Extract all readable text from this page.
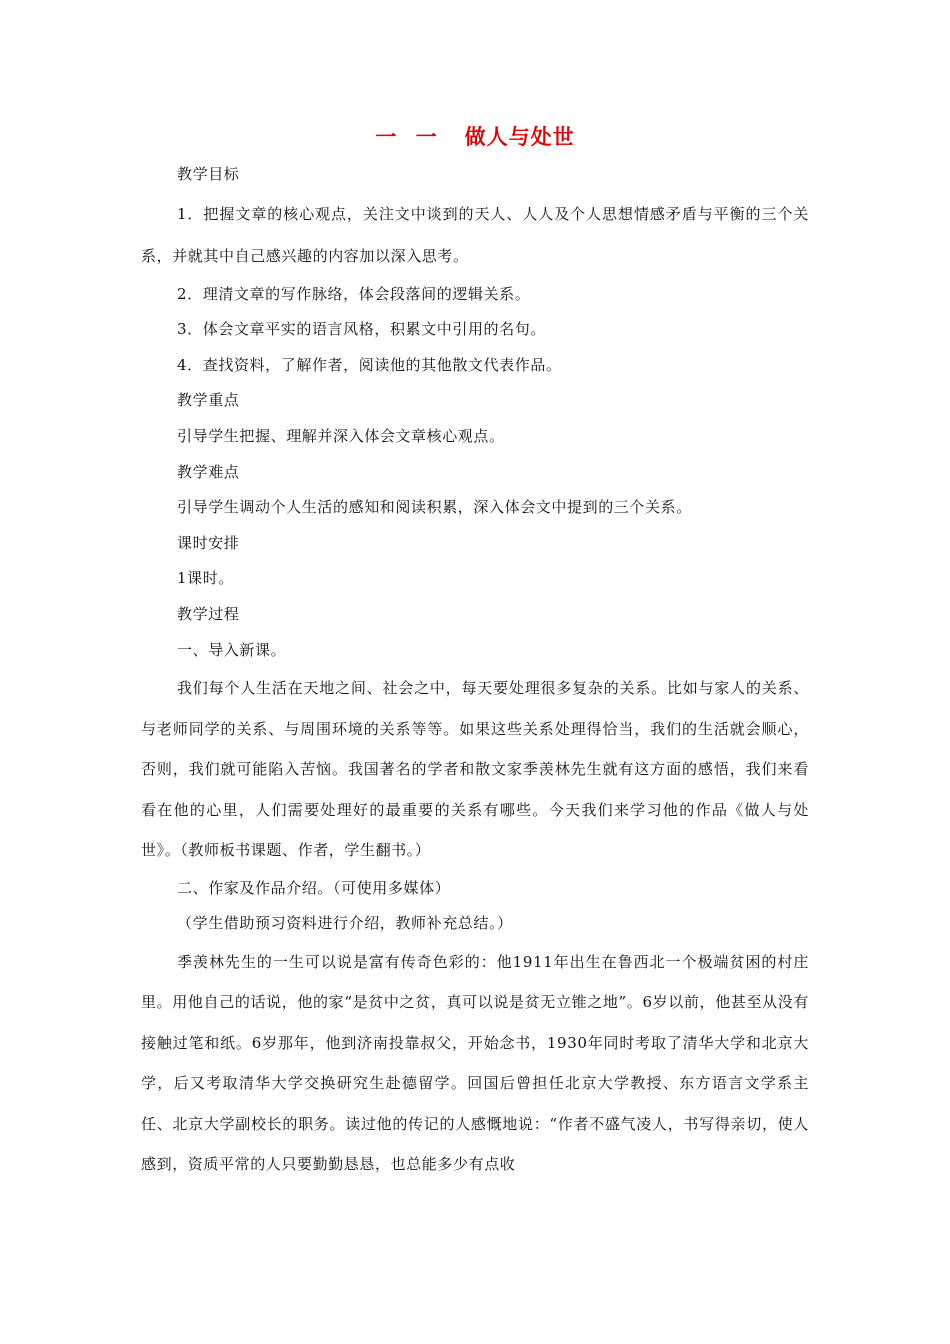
一 一 做人与处世

教学目标

1．把握文章的核心观点，关注文中谈到的天人、人人及个人思想情感矛盾与平衡的三个关系，并就其中自己感兴趣的内容加以深入思考。

2．理清文章的写作脉络，体会段落间的逻辑关系。

3．体会文章平实的语言风格，积累文中引用的名句。

4．查找资料，了解作者，阅读他的其他散文代表作品。

教学重点

引导学生把握、理解并深入体会文章核心观点。

教学难点

引导学生调动个人生活的感知和阅读积累，深入体会文中提到的三个关系。

课时安排

1课时。

教学过程

一、导入新课。

我们每个人生活在天地之间、社会之中，每天要处理很多复杂的关系。比如与家人的关系、与老师同学的关系、与周围环境的关系等等。如果这些关系处理得恰当，我们的生活就会顺心，否则，我们就可能陷入苦恼。我国著名的学者和散文家季羡林先生就有这方面的感悟，我们来看看在他的心里，人们需要处理好的最重要的关系有哪些。今天我们来学习他的作品《做人与处世》。（教师板书课题、作者，学生翻书。）

二、作家及作品介绍。（可使用多媒体）

（学生借助预习资料进行介绍，教师补充总结。）

季羡林先生的一生可以说是富有传奇色彩的：他1911年出生在鲁西北一个极端贫困的村庄里。用他自己的话说，他的家“是贫中之贫，真可以说是贫无立锥之地”。6岁以前，他甚至从没有接触过笔和纸。6岁那年，他到济南投靠叔父，开始念书，1930年同时考取了清华大学和北京大学，后又考取清华大学交换研究生赴德留学。回国后曾担任北京大学教授、东方语言文学系主任、北京大学副校长的职务。读过他的传记的人感慨地说：“作者不盛气凌人，书写得亲切，使人感到，资质平常的人只要勤勤恳恳，也总能多少有点收
